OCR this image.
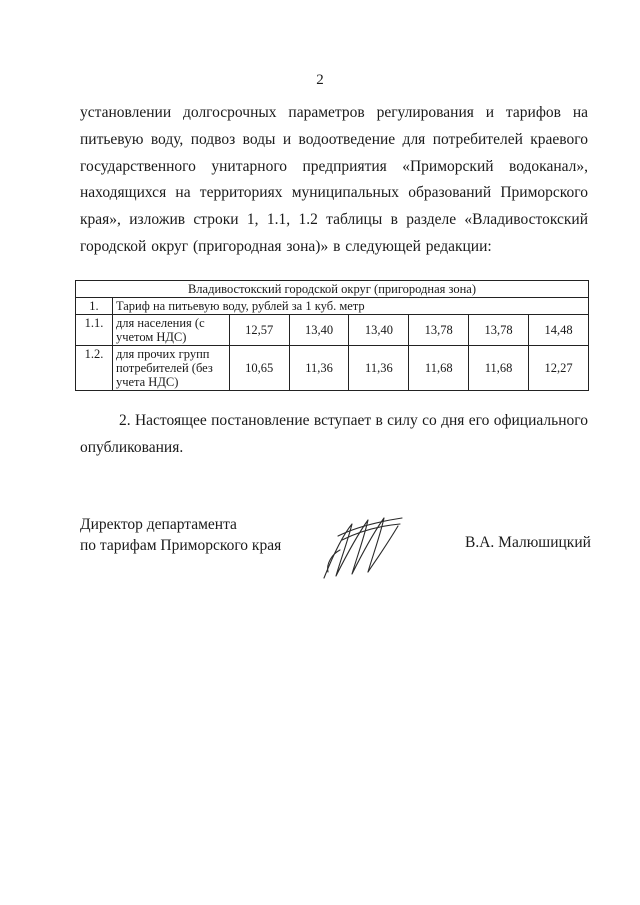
2
установлении долгосрочных параметров регулирования и тарифов на питьевую воду, подвоз воды и водоотведение для потребителей краевого государственного унитарного предприятия «Приморский водоканал», находящихся на территориях муниципальных образований Приморского края», изложив строки 1, 1.1, 1.2 таблицы в разделе «Владивостокский городской округ (пригородная зона)» в следующей редакции:
Владивостокский городской округ (пригородная зона)							
1.	Тариф на питьевую воду, рублей за 1 куб. метр						
1.1.	для населения (с учетом НДС)	12,57	13,40	13,40	13,78	13,78	14,48
1.2.	для прочих групп потребителей (без учета НДС)	10,65	11,36	11,36	11,68	11,68	12,27
2. Настоящее постановление вступает в силу со дня его официального опубликования.
Директор департамента
по тарифам Приморского края	В.А. Малюшицкий
